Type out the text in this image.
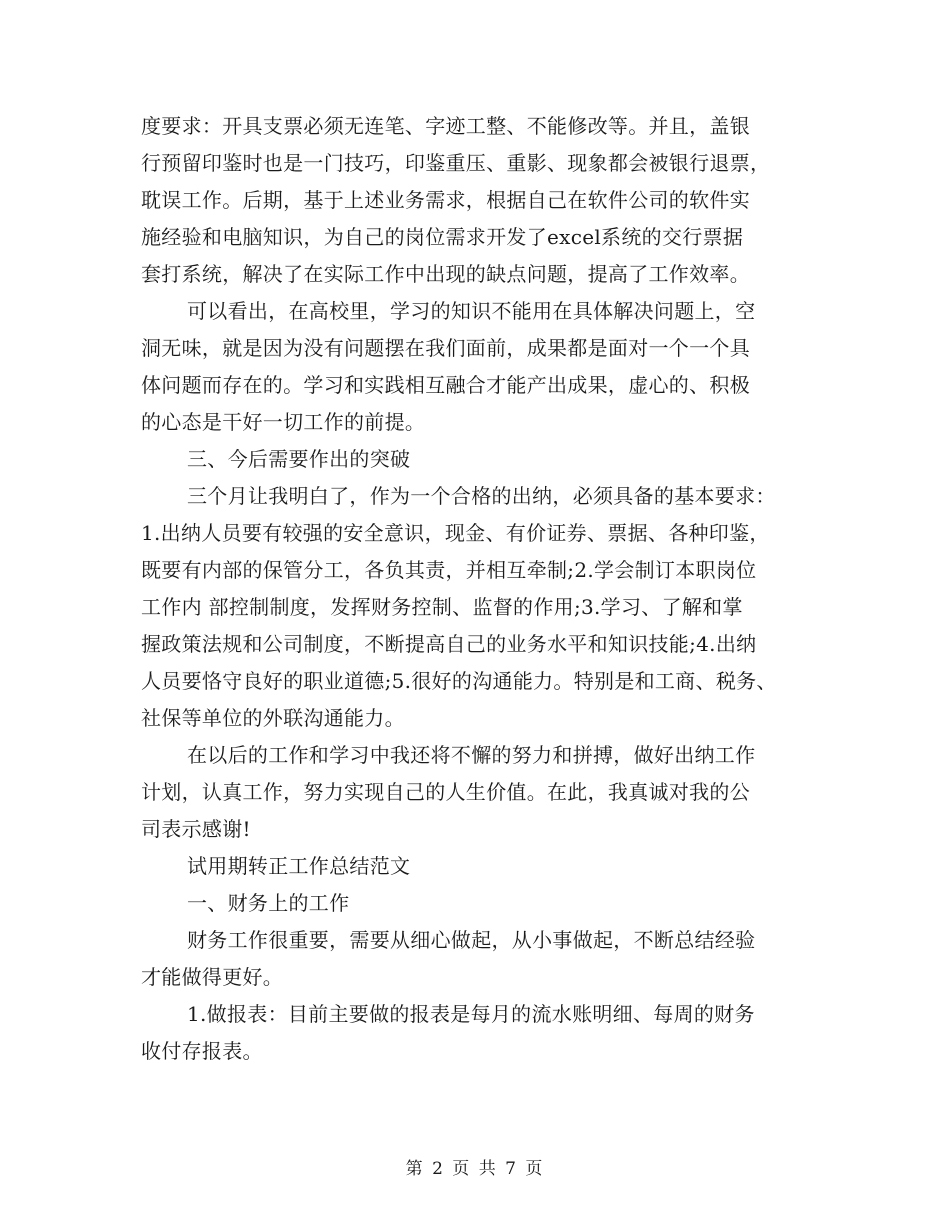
度要求：开具支票必须无连笔、字迹工整、不能修改等。并且，盖银
行预留印鉴时也是一门技巧，印鉴重压、重影、现象都会被银行退票，
耽误工作。后期，基于上述业务需求，根据自己在软件公司的软件实
施经验和电脑知识，为自己的岗位需求开发了excel系统的交行票据
套打系统，解决了在实际工作中出现的缺点问题，提高了工作效率。
可以看出，在高校里，学习的知识不能用在具体解决问题上，空
洞无味，就是因为没有问题摆在我们面前，成果都是面对一个一个具
体问题而存在的。学习和实践相互融合才能产出成果，虚心的、积极
的心态是干好一切工作的前提。
三、今后需要作出的突破
三个月让我明白了，作为一个合格的出纳，必须具备的基本要求：
1.出纳人员要有较强的安全意识，现金、有价证券、票据、各种印鉴，
既要有内部的保管分工，各负其责，并相互牵制;2.学会制订本职岗位
工作内 部控制制度，发挥财务控制、监督的作用;3.学习、了解和掌
握政策法规和公司制度，不断提高自己的业务水平和知识技能;4.出纳
人员要恪守良好的职业道德;5.很好的沟通能力。特别是和工商、税务、
社保等单位的外联沟通能力。
在以后的工作和学习中我还将不懈的努力和拼搏，做好出纳工作
计划，认真工作，努力实现自己的人生价值。在此，我真诚对我的公
司表示感谢!
试用期转正工作总结范文
一、财务上的工作
财务工作很重要，需要从细心做起，从小事做起，不断总结经验
才能做得更好。
1.做报表：目前主要做的报表是每月的流水账明细、每周的财务
收付存报表。
第 2 页 共 7 页
